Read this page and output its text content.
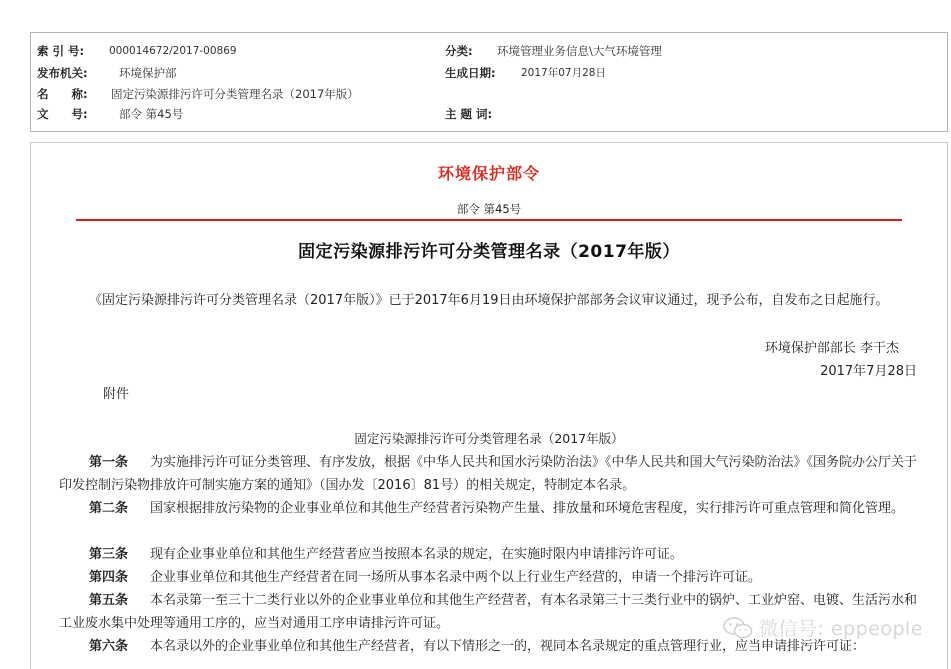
索 引 号: 000014672/2017-00869	分类: 环境管理业务信息\大气环境管理
发布机关:	环境保护部	生成日期: 2017年07月28日
名　　称: 固定污染源排污许可分类管理名录（2017年版）
文　　号:	部令 第45号	主 题 词:
环境保护部令
部令 第45号
固定污染源排污许可分类管理名录（2017年版）
《固定污染源排污许可分类管理名录（2017年版）》已于2017年6月19日由环境保护部部务会议审议通过，现予公布，自发布之日起施行。
环境保护部部长 李干杰
2017年7月28日
附件
固定污染源排污许可分类管理名录（2017年版）
第一条 为实施排污许可证分类管理、有序发放，根据《中华人民共和国水污染防治法》《中华人民共和国大气污染防治法》《国务院办公厅关于印发控制污染物排放许可制实施方案的通知》（国办发〔2016〕81号）的相关规定，特制定本名录。
第二条 国家根据排放污染物的企业事业单位和其他生产经营者污染物产生量、排放量和环境危害程度，实行排污许可重点管理和简化管理。
第三条 现有企业事业单位和其他生产经营者应当按照本名录的规定，在实施时限内申请排污许可证。
第四条 企业事业单位和其他生产经营者在同一场所从事本名录中两个以上行业生产经营的，申请一个排污许可证。
第五条 本名录第一至三十二类行业以外的企业事业单位和其他生产经营者，有本名录第三十三类行业中的锅炉、工业炉窑、电镀、生活污水和工业废水集中处理等通用工序的，应当对通用工序申请排污许可证。
第六条 本名录以外的企业事业单位和其他生产经营者，有以下情形之一的，视同本名录规定的重点管理行业，应当申请排污许可证：
微信号: eppeople
